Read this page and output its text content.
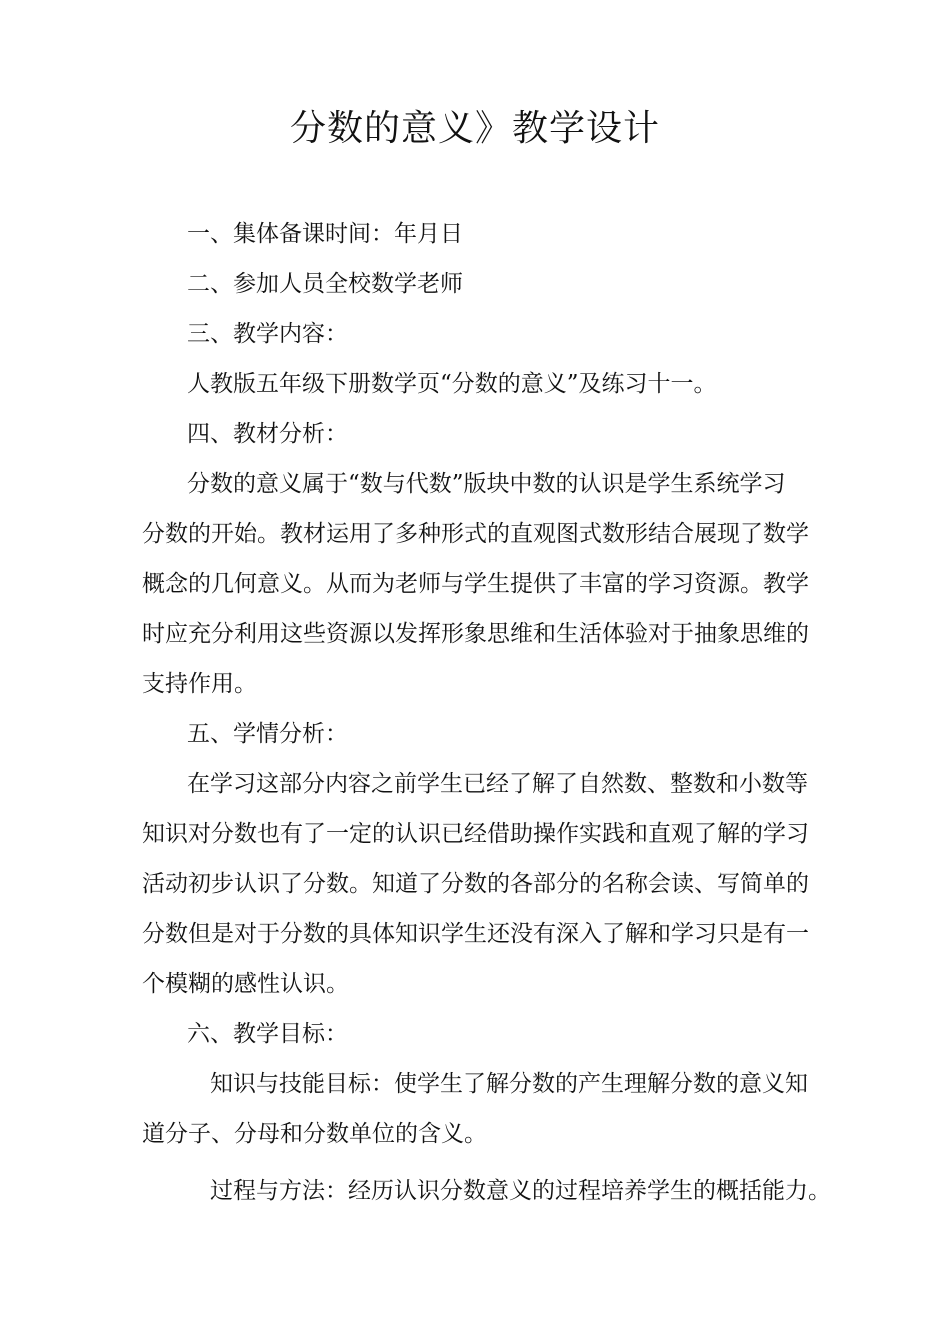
分数的意义》教学设计
一、集体备课时间：年月日
二、参加人员全校数学老师
三、教学内容：
人教版五年级下册数学页“分数的意义”及练习十一。
四、教材分析：
分数的意义属于“数与代数”版块中数的认识是学生系统学习
分数的开始。教材运用了多种形式的直观图式数形结合展现了数学
概念的几何意义。从而为老师与学生提供了丰富的学习资源。教学
时应充分利用这些资源以发挥形象思维和生活体验对于抽象思维的
支持作用。
五、学情分析：
在学习这部分内容之前学生已经了解了自然数、整数和小数等
知识对分数也有了一定的认识已经借助操作实践和直观了解的学习
活动初步认识了分数。知道了分数的各部分的名称会读、写简单的
分数但是对于分数的具体知识学生还没有深入了解和学习只是有一
个模糊的感性认识。
六、教学目标：
知识与技能目标：使学生了解分数的产生理解分数的意义知
道分子、分母和分数单位的含义。
过程与方法：经历认识分数意义的过程培养学生的概括能力。
